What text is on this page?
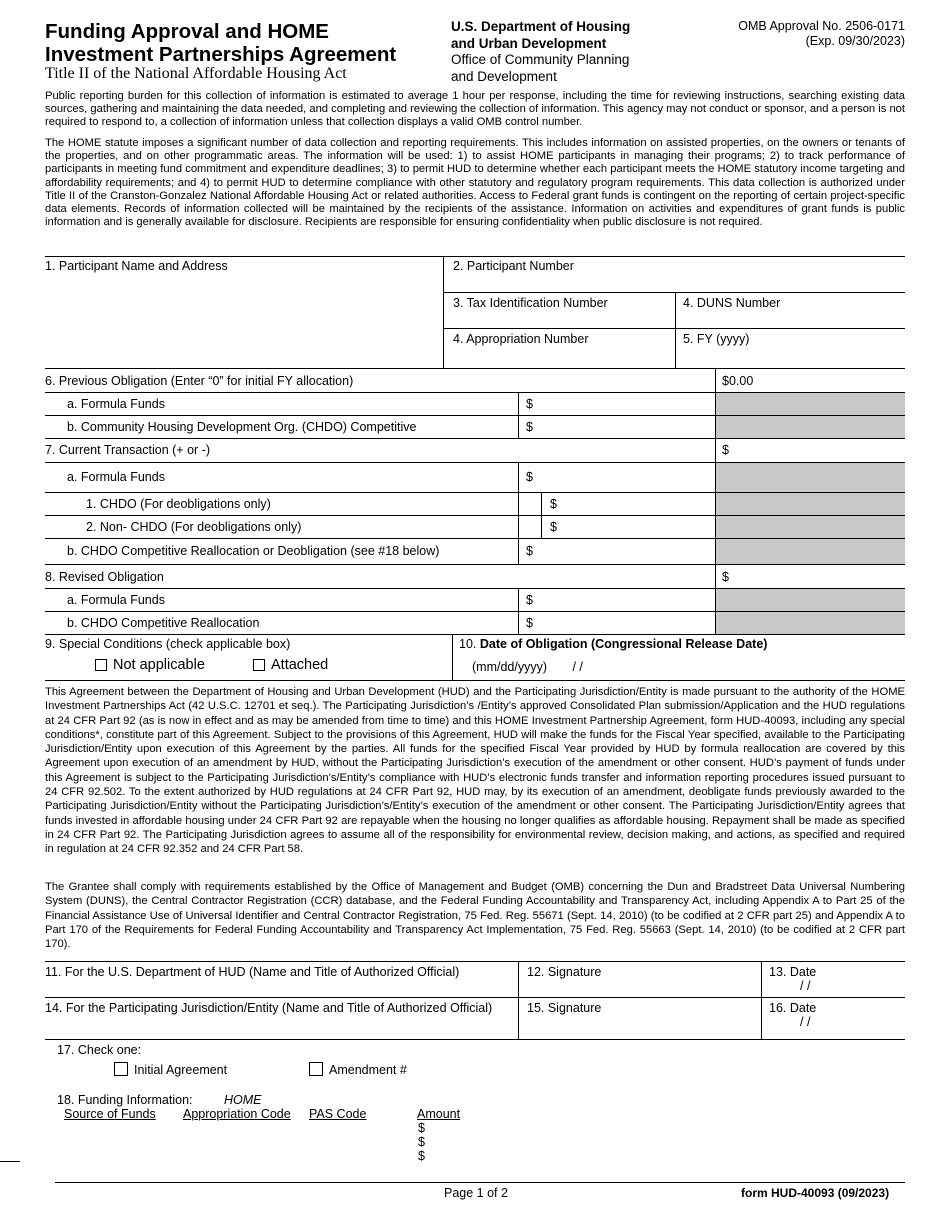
Funding Approval and HOME
Investment Partnerships Agreement
Title II of the National Affordable Housing Act
U.S. Department of Housing
and Urban Development
Office of Community Planning
and Development
OMB Approval No. 2506-0171
(Exp. 09/30/2023)
Public reporting burden for this collection of information is estimated to average 1 hour per response, including the time for reviewing instructions, searching existing data sources, gathering and maintaining the data needed, and completing and reviewing the collection of information. This agency may not conduct or sponsor, and a person is not required to respond to, a collection of information unless that collection displays a valid OMB control number.
The HOME statute imposes a significant number of data collection and reporting requirements. This includes information on assisted properties, on the owners or tenants of the properties, and on other programmatic areas. The information will be used: 1) to assist HOME participants in managing their programs; 2) to track performance of participants in meeting fund commitment and expenditure deadlines; 3) to permit HUD to determine whether each participant meets the HOME statutory income targeting and affordability requirements; and 4) to permit HUD to determine compliance with other statutory and regulatory program requirements. This data collection is authorized under Title II of the Cranston-Gonzalez National Affordable Housing Act or related authorities. Access to Federal grant funds is contingent on the reporting of certain project-specific data elements. Records of information collected will be maintained by the recipients of the assistance. Information on activities and expenditures of grant funds is public information and is generally available for disclosure. Recipients are responsible for ensuring confidentiality when public disclosure is not required.
1. Participant Name and Address	2. Participant Number
3. Tax Identification Number	4. DUNS Number
4. Appropriation Number	5. FY (yyyy)
6. Previous Obligation (Enter “0” for initial FY allocation)	$0.00
a. Formula Funds	$
b. Community Housing Development Org. (CHDO) Competitive	$
7. Current Transaction (+ or -)	$
a. Formula Funds	$
1. CHDO (For deobligations only)	$
2. Non- CHDO (For deobligations only)	$
b. CHDO Competitive Reallocation or Deobligation (see #18 below)	$
8. Revised Obligation	$
a. Formula Funds	$
b. CHDO Competitive Reallocation	$
9. Special Conditions (check applicable box)
Not applicable	Attached
10. Date of Obligation (Congressional Release Date)
(mm/dd/yyyy) / /
This Agreement between the Department of Housing and Urban Development (HUD) and the Participating Jurisdiction/Entity is made pursuant to the authority of the HOME Investment Partnerships Act (42 U.S.C. 12701 et seq.). The Participating Jurisdiction’s /Entity’s approved Consolidated Plan submission/Application and the HUD regulations at 24 CFR Part 92 (as is now in effect and as may be amended from time to time) and this HOME Investment Partnership Agreement, form HUD-40093, including any special conditions*, constitute part of this Agreement. Subject to the provisions of this Agreement, HUD will make the funds for the Fiscal Year specified, available to the Participating Jurisdiction/Entity upon execution of this Agreement by the parties. All funds for the specified Fiscal Year provided by HUD by formula reallocation are covered by this Agreement upon execution of an amendment by HUD, without the Participating Jurisdiction’s execution of the amendment or other consent. HUD’s payment of funds under this Agreement is subject to the Participating Jurisdiction’s/Entity’s compliance with HUD’s electronic funds transfer and information reporting procedures issued pursuant to 24 CFR 92.502. To the extent authorized by HUD regulations at 24 CFR Part 92, HUD may, by its execution of an amendment, deobligate funds previously awarded to the Participating Jurisdiction/Entity without the Participating Jurisdiction’s/Entity’s execution of the amendment or other consent. The Participating Jurisdiction/Entity agrees that funds invested in affordable housing under 24 CFR Part 92 are repayable when the housing no longer qualifies as affordable housing. Repayment shall be made as specified in 24 CFR Part 92. The Participating Jurisdiction agrees to assume all of the responsibility for environmental review, decision making, and actions, as specified and required in regulation at 24 CFR 92.352 and 24 CFR Part 58.
The Grantee shall comply with requirements established by the Office of Management and Budget (OMB) concerning the Dun and Bradstreet Data Universal Numbering System (DUNS), the Central Contractor Registration (CCR) database, and the Federal Funding Accountability and Transparency Act, including Appendix A to Part 25 of the Financial Assistance Use of Universal Identifier and Central Contractor Registration, 75 Fed. Reg. 55671 (Sept. 14, 2010) (to be codified at 2 CFR part 25) and Appendix A to Part 170 of the Requirements for Federal Funding Accountability and Transparency Act Implementation, 75 Fed. Reg. 55663 (Sept. 14, 2010) (to be codified at 2 CFR part 170).
11. For the U.S. Department of HUD (Name and Title of Authorized Official)	12. Signature	13. Date
/ /
14. For the Participating Jurisdiction/Entity (Name and Title of Authorized Official)	15. Signature	16. Date
/ /
17. Check one:
Initial Agreement	Amendment #
18. Funding Information:	HOME
Source of Funds Appropriation Code PAS Code	Amount
$
$
$
Page 1 of 2	form HUD-40093 (09/2023)
